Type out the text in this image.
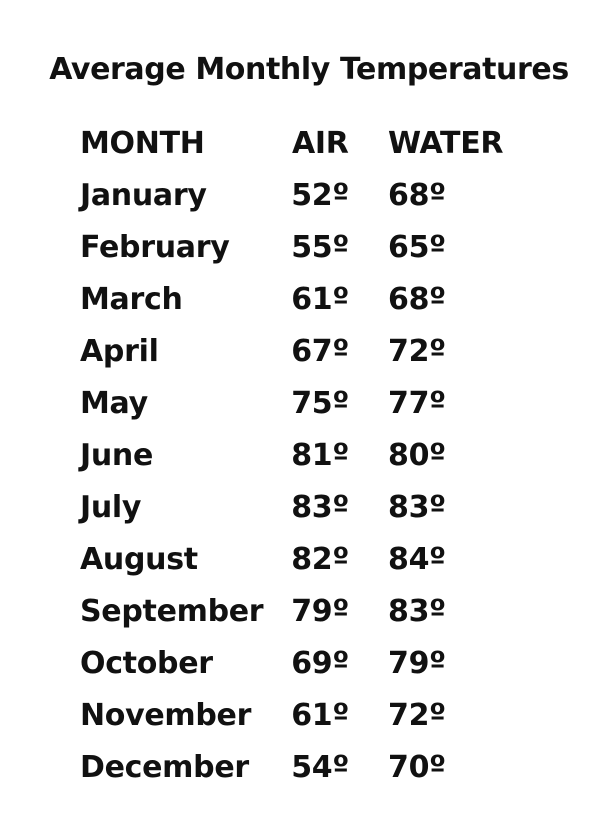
Average Monthly Temperatures
MONTH	AIR WATER
January	52º 68º
February 55º 65º
March	61º 68º
April	67º 72º
May	75º 77º
June	81º 80º
July	83º 83º
August	82º 84º
September 79º 83º
October	69º 79º
November 61º 72º
December 54º 70º
